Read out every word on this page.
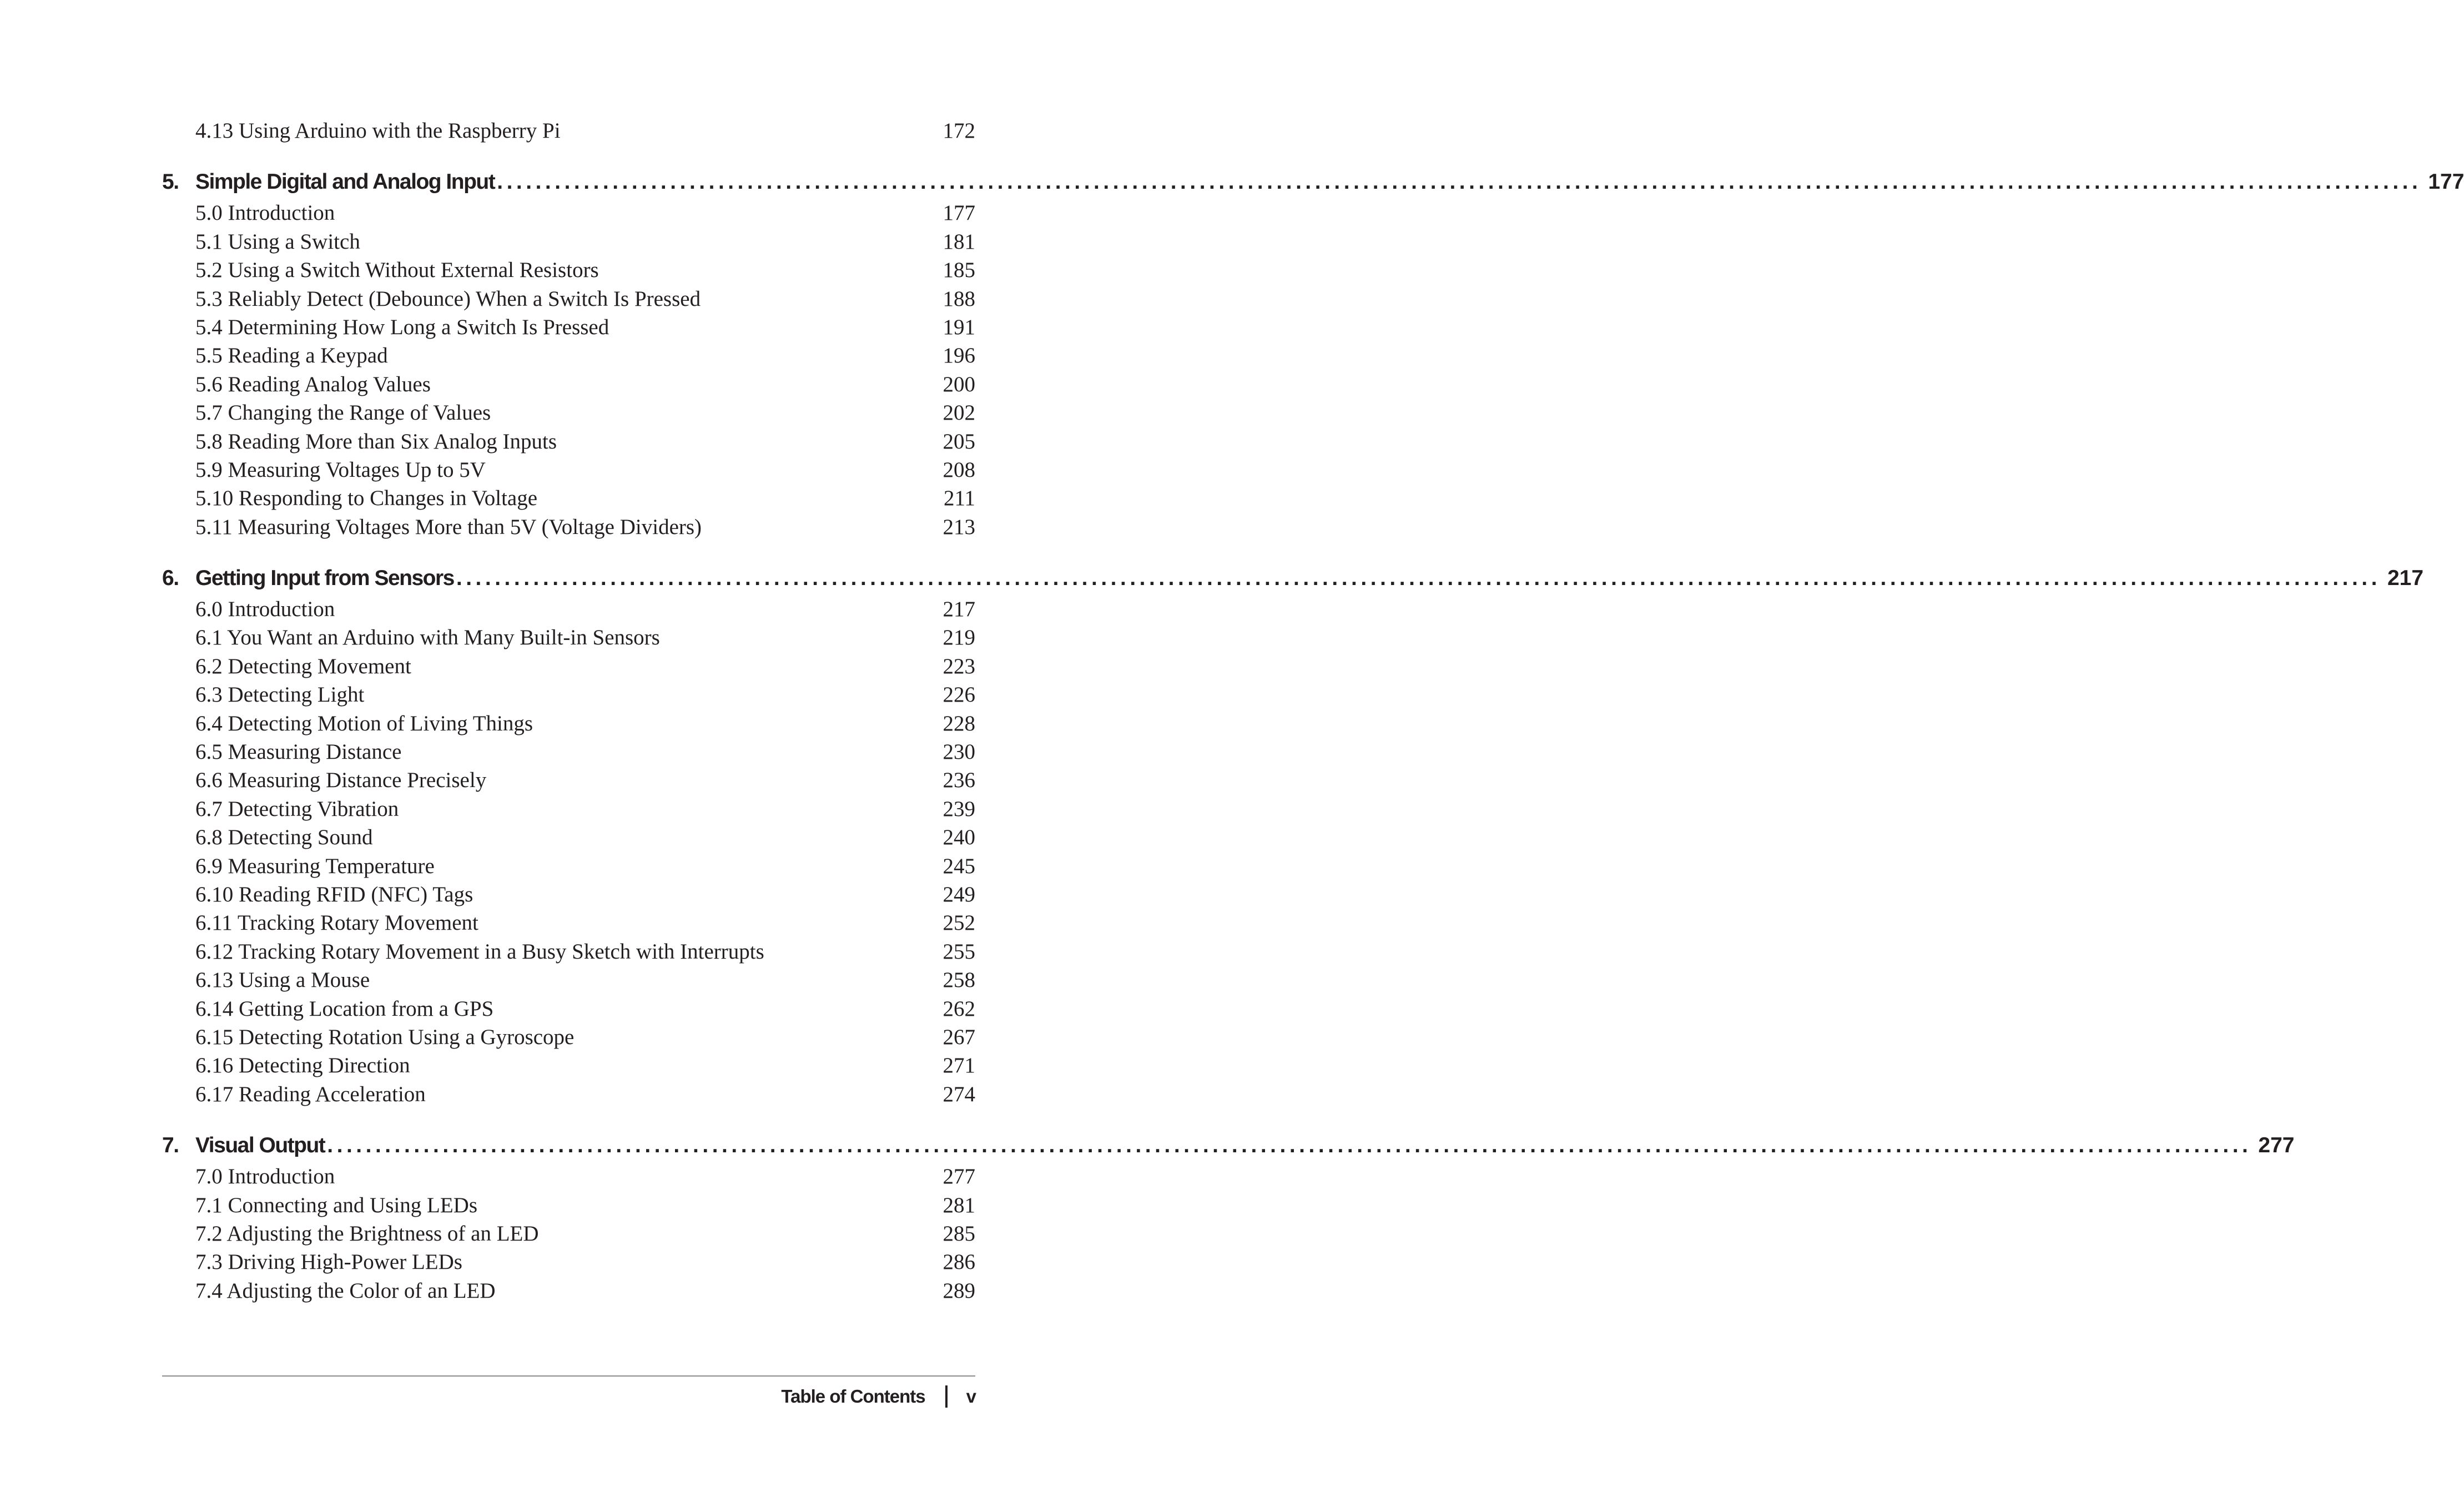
4.13 Using Arduino with the Raspberry Pi	172
5. Simple Digital and Analog Input ........................................................................................................................................................................................................ 177
5.0 Introduction	177
5.1 Using a Switch	181
5.2 Using a Switch Without External Resistors	185
5.3 Reliably Detect (Debounce) When a Switch Is Pressed	188
5.4 Determining How Long a Switch Is Pressed	191
5.5 Reading a Keypad	196
5.6 Reading Analog Values	200
5.7 Changing the Range of Values	202
5.8 Reading More than Six Analog Inputs	205
5.9 Measuring Voltages Up to 5V	208
5.10 Responding to Changes in Voltage	211
5.11 Measuring Voltages More than 5V (Voltage Dividers)	213
6. Getting Input from Sensors ........................................................................................................................................................................................................ 217
6.0 Introduction	217
6.1 You Want an Arduino with Many Built-in Sensors	219
6.2 Detecting Movement	223
6.3 Detecting Light	226
6.4 Detecting Motion of Living Things	228
6.5 Measuring Distance	230
6.6 Measuring Distance Precisely	236
6.7 Detecting Vibration	239
6.8 Detecting Sound	240
6.9 Measuring Temperature	245
6.10 Reading RFID (NFC) Tags	249
6.11 Tracking Rotary Movement	252
6.12 Tracking Rotary Movement in a Busy Sketch with Interrupts	255
6.13 Using a Mouse	258
6.14 Getting Location from a GPS	262
6.15 Detecting Rotation Using a Gyroscope	267
6.16 Detecting Direction	271
6.17 Reading Acceleration	274
7. Visual Output ........................................................................................................................................................................................................ 277
7.0 Introduction	277
7.1 Connecting and Using LEDs	281
7.2 Adjusting the Brightness of an LED	285
7.3 Driving High-Power LEDs	286
7.4 Adjusting the Color of an LED	289
Table of Contents v
